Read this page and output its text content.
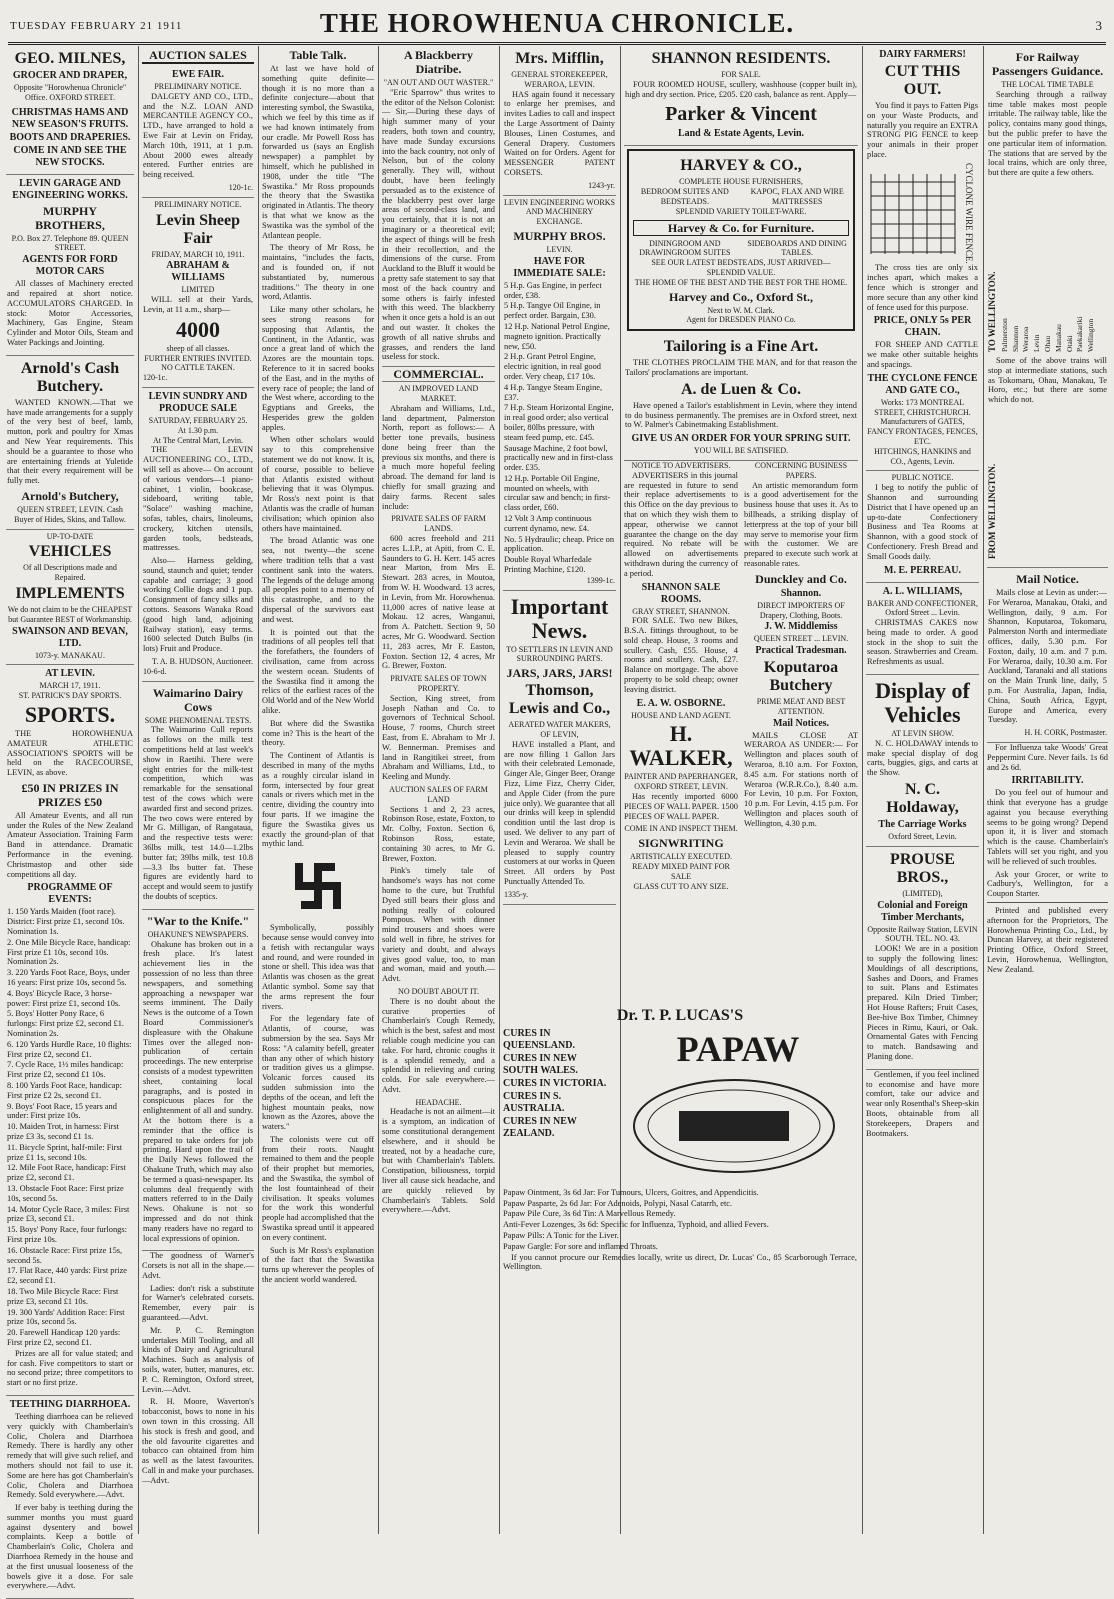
TUESDAY FEBRUARY 21 1911	THE HOROWHENUA CHRONICLE.	3
GEO. MILNES,
GROCER AND DRAPER,
Opposite "Horowhenua Chronicle" Office. OXFORD STREET.
CHRISTMAS HAMS AND NEW SEASON'S FRUITS.
BOOTS AND DRAPERIES.
COME IN AND SEE THE NEW STOCKS.
LEVIN GARAGE AND ENGINEERING WORKS.
MURPHY BROTHERS,
P.O. Box 27. Telephone 89. QUEEN STREET.
AGENTS FOR FORD MOTOR CARS

All classes of Machinery erected and repaired at short notice. ACCUMULATORS CHARGED. In stock: Motor Accessories, Machinery, Gas Engine, Steam Cylinder and Motor Oils, Steam and Water Packings and Jointing.

Arnold's Cash Butchery.

WANTED KNOWN.—That we have made arrangements for a supply of the very best of beef, lamb, mutton, pork and poultry for Xmas and New Year requirements. This should be a guarantee to those who are entertaining friends at Yuletide that their every requirement will be fully met.

Arnold's Butchery,
QUEEN STREET, LEVIN. Cash Buyer of Hides, Skins, and Tallow.
UP-TO-DATE
VEHICLES
Of all Descriptions made and Repaired.
IMPLEMENTS
We do not claim to be the CHEAPEST but Guarantee BEST of Workmanship.
SWAINSON AND BEVAN, LTD.
1073-y. MANAKAU.
AT LEVIN.
MARCH 17, 1911.
ST. PATRICK'S DAY SPORTS.
SPORTS.

THE HOROWHENUA AMATEUR ATHLETIC ASSOCIATION'S SPORTS will be held on the RACECOURSE, LEVIN, as above.

£50 IN PRIZES IN PRIZES £50

All Amateur Events, and all run under the Rules of the New Zealand Amateur Association. Training Farm Band in attendance. Dramatic Performance in the evening. Christmastop and other side competitions all day.

PROGRAMME OF EVENTS:
1. 150 Yards Maiden (foot race). District: First prize £1, second 10s. Nomination 1s.
2. One Mile Bicycle Race, handicap: First prize £1 10s, second 10s. Nomination 2s.
3. 220 Yards Foot Race, Boys, under 16 years: First prize 10s, second 5s.
4. Boys' Bicycle Race, 3 horse-power: First prize £1, second 10s.
5. Boys' Hotter Pony Race, 6 furlongs: First prize £2, second £1. Nomination 2s.
6. 120 Yards Hurdle Race, 10 flights: First prize £2, second £1.
7. Cycle Race, 1½ miles handicap: First prize £2, second £1 10s.
8. 100 Yards Foot Race, handicap: First prize £2 2s, second £1.
9. Boys' Foot Race, 15 years and under: First prize 10s.
10. Maiden Trot, in harness: First prize £3 3s, second £1 1s.
11. Bicycle Sprint, half-mile: First prize £1 1s, second 10s.
12. Mile Foot Race, handicap: First prize £2, second £1.
13. Obstacle Foot Race: First prize 10s, second 5s.
14. Motor Cycle Race, 3 miles: First prize £3, second £1.
15. Boys' Pony Race, four furlongs: First prize 10s.
16. Obstacle Race: First prize 15s, second 5s.
17. Flat Race, 440 yards: First prize £2, second £1.
18. Two Mile Bicycle Race: First prize £3, second £1 10s.
19. 300 Yards' Addition Race: First prize 10s, second 5s.
20. Farewell Handicap 120 yards: First prize £2, second £1.

Prizes are all for value stated; and for cash. Five competitors to start or no second prize; three competitors to start or no first prize.

TEETHING DIARRHOEA.

Teething diarrhoea can be relieved very quickly with Chamberlain's Colic, Cholera and Diarrhoea Remedy. There is hardly any other remedy that will give such relief, and mothers should not fail to use it. Some are here has got Chamberlain's Colic, Cholera and Diarrhoea Remedy. Sold everywhere.—Advt.

If ever baby is teething during the summer months you must guard against dysentery and bowel complaints. Keep a bottle of Chamberlain's Colic, Cholera and Diarrhoea Remedy in the house and at the first unusual looseness of the bowels give it a dose. For sale everywhere.—Advt.

AUCTION SALES
EWE FAIR.
PRELIMINARY NOTICE.

DALGETY AND CO., LTD., and the N.Z. LOAN AND MERCANTILE AGENCY CO., LTD., have arranged to hold a Ewe Fair at Levin on Friday, March 10th, 1911, at 1 p.m. About 2000 ewes already entered. Further entries are being received.

120-1c.
PRELIMINARY NOTICE.
Levin Sheep Fair
FRIDAY, MARCH 10, 1911.
ABRAHAM & WILLIAMS
LIMITED

WILL sell at their Yards, Levin, at 11 a.m., sharp—

4000
sheep of all classes.
FURTHER ENTRIES INVITED.
NO CATTLE TAKEN.
120-1c.
LEVIN SUNDRY AND PRODUCE SALE
SATURDAY, FEBRUARY 25.
At 1.30 p.m.
At The Central Mart, Levin.

THE LEVIN AUCTIONEERING CO., LTD., will sell as above— On account of various vendors—1 piano-cabinet, 1 violin, bookcase, sideboard, writing table, "Solace" washing machine, sofas, tables, chairs, linoleums, crockery, kitchen utensils, garden tools, bedsteads, mattresses.

Also— Harness gelding, sound, staunch and quiet; tender capable and carriage; 3 good working Collie dogs and 1 pup. Consignment of fancy silks and cottons. Seasons Wanaka Road (good high land, adjoining Railway station), easy terms. 1600 selected Dutch Bulbs (in lots) Fruit and Produce.

T. A. B. HUDSON, Auctioneer.
10-6-d.
Waimarino Dairy Cows
SOME PHENOMENAL TESTS.

The Waimarino Cull reports as follows on the milk test competitions held at last week's show in Raetihi. There were eight entries for the milk-test competition, which was remarkable for the sensational test of the cows which were awarded first and second prizes. The two cows were entered by Mr G. Milligan, of Rangataua, and the respective tests were: 36lbs milk, test 14.0—1.2lbs butter fat; 39lbs milk, test 10.8—3.3 lbs butter fat. These figures are evidently hard to accept and would seem to justify the doubts of sceptics.

"War to the Knife."
OHAKUNE'S NEWSPAPERS.

Ohakune has broken out in a fresh place. It's latest achievement lies in the possession of no less than three newspapers, and something approaching a newspaper war seems imminent. The Daily News is the outcome of a Town Board Commissioner's displeasure with the Ohakune Times over the alleged non-publication of certain proceedings. The new enterprise consists of a modest typewritten sheet, containing local paragraphs, and is posted in conspicuous places for the enlightenment of all and sundry. At the bottom there is a reminder that the office is prepared to take orders for job printing. Hard upon the trail of the Daily News followed the Ohakune Truth, which may also be termed a quasi-newspaper. Its columns deal frequently with matters referred to in the Daily News. Ohakune is not so impressed and do not think many readers have no regard to local expressions of opinion.

The goodness of Warner's Corsets is not all in the shape.—Advt.

Ladies: don't risk a substitute for Warner's celebrated corsets. Remember, every pair is guaranteed.—Advt.

Mr. P. C. Remington undertakes Mill Tooling, and all kinds of Dairy and Agricultural Machines. Such as analysis of soils, water, butter, manures, etc. P. C. Remington, Oxford street, Levin.—Advt.

R. H. Moore, Waverton's tobacconist, bows to none in his own town in this crossing. All his stock is fresh and good, and the old favourite cigarettes and tobacco can obtained from him as well as the latest favourites. Call in and make your purchases.—Advt.

Table Talk.

At last we have hold of something quite definite—though it is no more than a definite conjecture—about that interesting symbol, the Swastika, which we feel by this time as if we had known intimately from our cradle. Mr Powell Ross has forwarded us (says an English newspaper) a pamphlet by himself, which he published in 1908, under the title "The Swastika." Mr Ross propounds the theory that the Swastika originated in Atlantis. The theory is that what we know as the Swastika was the symbol of the Atlantean people.

The theory of Mr Ross, he maintains, "includes the facts, and is founded on, if not substantiated by, numerous traditions." The theory in one word, Atlantis.

Like many other scholars, he sees strong reasons for supposing that Atlantis, the Continent, in the Atlantic, was once a great land of which the Azores are the mountain tops. Reference to it in sacred books of the East, and in the myths of every race of people; the land of the West where, according to the Egyptians and Greeks, the Hesperides grew the golden apples.

When other scholars would say to this comprehensive statement we do not know. It is, of course, possible to believe that Atlantis existed without believing that it was Olympus. Mr Ross's next point is that Atlantis was the cradle of human civilisation; which opinion also others have maintained.

The broad Atlantic was one sea, not twenty—the scene where tradition tells that a vast continent sank into the waters. The legends of the deluge among all peoples point to a memory of this catastrophe, and to the dispersal of the survivors east and west.

It is pointed out that the traditions of all peoples tell that the forefathers, the founders of civilisation, came from across the western ocean. Students of the Swastika find it among the relics of the earliest races of the Old World and of the New World alike.

But where did the Swastika come in? This is the heart of the theory.

The Continent of Atlantis is described in many of the myths as a roughly circular island in form, intersected by four great canals or rivers which met in the centre, dividing the country into four parts. If we imagine the figure the Swastika gives us exactly the ground-plan of that mythic land.

Symbolically, possibly because sense would convey into a fetish with rectangular ways and round, and were rounded in stone or shell. This idea was that Atlantis was chosen as the great Atlantic symbol. Some say that the arms represent the four rivers.

For the legendary fate of Atlantis, of course, was submersion by the sea. Says Mr Ross: "A calamity befell, greater than any other of which history or tradition gives us a glimpse. Volcanic forces caused its sudden submission into the depths of the ocean, and left the highest mountain peaks, now known as the Azores, above the waters."

The colonists were cut off from their roots. Naught remained to them and the people of their prophet but memories, and the Swastika, the symbol of the lost fountainhead of their civilisation. It speaks volumes for the work this wonderful people had accomplished that the Swastika spread until it appeared on every continent.

Such is Mr Ross's explanation of the fact that the Swastika turns up wherever the peoples of the ancient world wandered.

A Blackberry Diatribe.
"AN OUT AND OUT WASTER."

"Eric Sparrow" thus writes to the editor of the Nelson Colonist:— Sir,—During these days of high summer many of your readers, both town and country, have made Sunday excursions into the back country, not only of Nelson, but of the colony generally. They will, without doubt, have been feelingly persuaded as to the existence of the blackberry pest over large areas of second-class land, and you certainly, that it is not an imaginary or a theoretical evil; the aspect of things will be fresh in their recollection, and the dimensions of the curse. From Auckland to the Bluff it would be a pretty safe statement to say that most of the back country and some others is fairly infested with this weed. The blackberry when it once gets a hold is an out and out waster. It chokes the growth of all native shrubs and grasses, and renders the land useless for stock.

COMMERCIAL.
AN IMPROVED LAND MARKET.

Abraham and Williams, Ltd., land department, Palmerston North, report as follows:— A better tone prevails, business done being freer than the previous six months, and there is a much more hopeful feeling abroad. The demand for land is chiefly for small grazing and dairy farms. Recent sales include:

PRIVATE SALES OF FARM LANDS.

600 acres freehold and 211 acres L.I.P., at Apiti, from C. E. Saunders to G. H. Kerr. 145 acres near Marton, from Mrs E. Stewart. 283 acres, in Moutoa, from W. H. Woodward. 13 acres, in Levin, from Mr. Horowhenua. 11,000 acres of native lease at Mokau. 12 acres, Wanganui, from A. Patchett. Section 9, 50 acres, Mr G. Woodward. Section 11, 283 acres, Mr F. Easton, Foxton. Section 12, 4 acres, Mr G. Brewer, Foxton.

PRIVATE SALES OF TOWN PROPERTY.

Section, King street, from Joseph Nathan and Co. to governors of Technical School. House, 7 rooms, Church street East, from E. Abraham to Mr J. W. Bennerman. Premises and land in Rangitikei street, from Abraham and Williams, Ltd., to Keeling and Mundy.

AUCTION SALES OF FARM LAND

Sections 1 and 2, 23 acres, Robinson Rose, estate, Foxton, to Mr. Colby, Foxton. Section 6, Robinson Ross, estate, containing 30 acres, to Mr G. Brewer, Foxton.

Pink's timely tale of handsome's ways has not come home to the cure, but Truthful Dyed still bears their gloss and nothing really of coloured Pompous. When with dinner mind trousers and shoes were sold well in fibre, he strives for variety and doubt, and always gives good value, too, to man and woman, maid and youth.—Advt.

NO DOUBT ABOUT IT.

There is no doubt about the curative properties of Chamberlain's Cough Remedy, which is the best, safest and most reliable cough medicine you can take. For hard, chronic coughs it is a splendid remedy, and a splendid in relieving and curing colds. For sale everywhere.—Advt.

HEADACHE.

Headache is not an ailment—it is a symptom, an indication of some constitutional derangement elsewhere, and it should be treated, not by a headache cure, but with Chamberlain's Tablets. Constipation, biliousness, torpid liver all cause sick headache, and are quickly relieved by Chamberlain's Tablets. Sold everywhere.—Advt.

Mrs. Mifflin,
GENERAL STOREKEEPER,
WERAROA, LEVIN.

HAS again found it necessary to enlarge her premises, and invites Ladies to call and inspect the Large Assortment of Dainty Blouses, Linen Costumes, and General Drapery. Customers Waited on for Orders. Agent for MESSENGER PATENT CORSETS.

1243-yr.
LEVIN ENGINEERING WORKS AND MACHINERY EXCHANGE.
MURPHY BROS.
LEVIN.
HAVE FOR IMMEDIATE SALE:
5 H.p. Gas Engine, in perfect order, £38.
5 H.p. Tangye Oil Engine, in perfect order. Bargain, £30.
12 H.p. National Petrol Engine, magneto ignition. Practically new, £50.
2 H.p. Grant Petrol Engine, electric ignition, in real good order. Very cheap, £17 10s.
4 H.p. Tangye Steam Engine, £37.
7 H.p. Steam Horizontal Engine, in real good order; also vertical boiler, 80lbs pressure, with steam feed pump, etc. £45.
Sausage Machine, 2 foot bowl, practically new and in first-class order. £35.
12 H.p. Portable Oil Engine, mounted on wheels, with circular saw and bench; in first-class order, £60.
12 Volt 3 Amp continuous current dynamo, new. £4.
No. 5 Hydraulic; cheap. Price on application.
Double Royal Wharfedale Printing Machine, £120.
1399-1c.
Important News.
TO SETTLERS IN LEVIN AND SURROUNDING PARTS.
JARS, JARS, JARS!
Thomson, Lewis and Co.,
AERATED WATER MAKERS, OF LEVIN,

HAVE installed a Plant, and are now filling 1 Gallon Jars with their celebrated Lemonade, Ginger Ale, Ginger Beer, Orange Fizz, Lime Fizz, Cherry Cider, and Apple Cider (from the pure juice only). We guarantee that all our drinks will keep in splendid condition until the last drop is used. We deliver to any part of Levin and Weraroa. We shall be pleased to supply country customers at our works in Queen Street. All orders by Post Punctually Attended To.

1335-y.
Dr. T. P. LUCAS'S
CURES IN QUEENSLAND.
CURES IN NEW SOUTH WALES.
CURES IN VICTORIA.
CURES IN S. AUSTRALIA.
CURES IN NEW ZEALAND.
PAPAW
Papaw Ointment, 3s 6d Jar: For Tumours, Ulcers, Goitres, and Appendicitis.
Papaw Pasparte, 2s 6d Jar: For Adenoids, Polypi, Nasal Catarrh, etc.
Papaw Pile Cure, 3s 6d Tin: A Marvellous Remedy.
Anti-Fever Lozenges, 3s 6d: Specific for Influenza, Typhoid, and allied Fevers.
Papaw Pills: A Tonic for the Liver.
Papaw Gargle: For sore and inflamed Throats.

If you cannot procure our Remedies locally, write us direct, Dr. Lucas' Co., 85 Scarborough Terrace, Wellington.

SHANNON RESIDENTS.
FOR SALE.

FOUR ROOMED HOUSE, scullery, washhouse (copper built in), high and dry section. Price, £205. £20 cash, balance as rent. Apply—

Parker & Vincent
Land & Estate Agents, Levin.
HARVEY & CO.,
COMPLETE HOUSE FURNISHERS,
BEDROOM SUITES AND BEDSTEADS.
KAPOC, FLAX AND WIRE MATTRESSES
SPLENDID VARIETY TOILET-WARE.
Harvey & Co. for Furniture.
DININGROOM AND DRAWINGROOM SUITES
SIDEBOARDS AND DINING TABLES.
SEE OUR LATEST BEDSTEADS, JUST ARRIVED—SPLENDID VALUE.
THE HOME OF THE BEST AND THE BEST FOR THE HOME.
Harvey and Co., Oxford St.,
Next to W. M. Clark.
Agent for DRESDEN PIANO Co.
Tailoring is a Fine Art.

THE CLOTHES PROCLAIM THE MAN, and for that reason the Tailors' proclamations are important.

A. de Luen & Co.

Have opened a Tailor's establishment in Levin, where they intend to do business permanently. The premises are in Oxford street, next to W. Palmer's Cabinetmaking Establishment.

GIVE US AN ORDER FOR YOUR SPRING SUIT.
YOU WILL BE SATISFIED.
NOTICE TO ADVERTISERS.

ADVERTISERS in this journal are requested in future to send their replace advertisements to this Office on the day previous to that on which they wish them to appear, otherwise we cannot guarantee the change on the day required. No rebate will be allowed on advertisements withdrawn during the currency of a period.

SHANNON SALE ROOMS.
GRAY STREET, SHANNON.

FOR SALE. Two new Bikes, B.S.A. fittings throughout, to be sold cheap. House, 3 rooms and scullery. Cash, £55. House, 4 rooms and scullery. Cash, £27. Balance on mortgage. The above property to be sold cheap; owner leaving district.

E. A. W. OSBORNE.
HOUSE AND LAND AGENT.
H. WALKER,
PAINTER AND PAPERHANGER, OXFORD STREET, LEVIN.

Has recently imported 6000 PIECES OF WALL PAPER. 1500 PIECES OF WALL PAPER.

COME IN AND INSPECT THEM.
SIGNWRITING
ARTISTICALLY EXECUTED.
READY MIXED PAINT FOR SALE
GLASS CUT TO ANY SIZE.
CONCERNING BUSINESS PAPERS.

An artistic memorandum form is a good advertisement for the business house that uses it. As to billheads, a striking display of letterpress at the top of your bill may serve to memorise your firm with the customer. We are prepared to execute such work at reasonable rates.

Dunckley and Co.
Shannon.
DIRECT IMPORTERS OF Drapery, Clothing, Boots.
J. W. Middlemiss
QUEEN STREET ... LEVIN.
Practical Tradesman.
Koputaroa Butchery
PRIME MEAT AND BEST ATTENTION.
Mail Notices.

MAILS CLOSE AT WERAROA AS UNDER:— For Wellington and places south of Weraroa, 8.10 a.m. For Foxton, 8.45 a.m. For stations north of Weraroa (W.R.R.Co.), 8.40 a.m. For Levin, 10 p.m. For Foxton, 10 p.m. For Levin, 4.15 p.m. For Wellington and places south of Wellington, 4.30 p.m.

DAIRY FARMERS!
CUT THIS OUT.

You find it pays to Fatten Pigs on your Waste Products, and naturally you require an EXTRA STRONG PIG FENCE to keep your animals in their proper place.

CYCLONE WIRE FENCE.

The cross ties are only six inches apart, which makes a fence which is stronger and more secure than any other kind of fence used for this purpose.

PRICE, ONLY 5s PER CHAIN.

FOR SHEEP AND CATTLE we make other suitable heights and spacings.

THE CYCLONE FENCE AND GATE CO.,
Works: 173 MONTREAL STREET, CHRISTCHURCH.
Manufacturers of GATES, FANCY FRONTAGES, FENCES, ETC.
HITCHINGS, HANKINS and CO., Agents, Levin.
PUBLIC NOTICE.

I beg to notify the public of Shannon and surrounding District that I have opened up an up-to-date Confectionery Business and Tea Rooms at Shannon, with a good stock of Confectionery. Fresh Bread and Small Goods daily.

M. E. PERREAU.
A. L. WILLIAMS,
BAKER AND CONFECTIONER, Oxford Street ... Levin.

CHRISTMAS CAKES now being made to order. A good stock in the shop to suit the season. Strawberries and Cream. Refreshments as usual.

Display of Vehicles
AT LEVIN SHOW.

N. C. HOLDAWAY intends to make special display of dog carts, buggies, gigs, and carts at the Show.

N. C. Holdaway,
The Carriage Works
Oxford Street, Levin.
PROUSE BROS.,
(LIMITED),
Colonial and Foreign Timber Merchants,
Opposite Railway Station, LEVIN SOUTH. TEL. NO. 43.

LOOK! We are in a position to supply the following lines: Mouldings of all descriptions, Sashes and Doors, and Frames to suit. Plans and Estimates prepared. Kiln Dried Timber; Hot House Rafters; Fruit Cases, Bee-hive Box Timber, Chimney Pieces in Rimu, Kauri, or Oak. Ornamental Gates with Fencing to match. Bandsawing and Planing done.

Gentlemen, if you feel inclined to economise and have more comfort, take our advice and wear only Rosenthal's Sheep-skin Boots, obtainable from all Storekeepers, Drapers and Bootmakers.

For Railway Passengers Guidance.
THE LOCAL TIME TABLE

Searching through a railway time table makes most people irritable. The railway table, like the policy, contains many good things, but the public prefer to have the one particular item of information. The stations that are served by the local trains, which are only three, but there are quite a few others.

TO WELLINGTON. Palmerston Shannon Weraroa Levin Ohau Manakau Otaki Paekakariki Wellington

Some of the above trains will stop at intermediate stations, such as Tokomaru, Ohau, Manakau, Te Horo, etc.; but there are some which do not.

FROM WELLINGTON.
Mail Notice.

Mails close at Levin as under:— For Weraroa, Manakau, Otaki, and Wellington, daily, 9 a.m. For Shannon, Koputaroa, Tokomaru, Palmerston North and intermediate offices, daily, 5.30 p.m. For Foxton, daily, 10 a.m. and 7 p.m. For Weraroa, daily, 10.30 a.m. For Auckland, Taranaki and all stations on the Main Trunk line, daily, 5 p.m. For Australia, Japan, India, China, South Africa, Egypt, Europe and America, every Tuesday.

H. H. CORK, Postmaster.

For Influenza take Woods' Great Peppermint Cure. Never fails. 1s 6d and 2s 6d.

IRRITABILITY.

Do you feel out of humour and think that everyone has a grudge against you because everything seems to be going wrong? Depend upon it, it is liver and stomach which is the cause. Chamberlain's Tablets will set you right, and you will be relieved of such troubles.

Ask your Grocer, or write to Cadbury's, Wellington, for a Coupon Starter.

Printed and published every afternoon for the Proprietors, The Horowhenua Printing Co., Ltd., by Duncan Harvey, at their registered Printing Office, Oxford Street, Levin, Horowhenua, Wellington, New Zealand.
